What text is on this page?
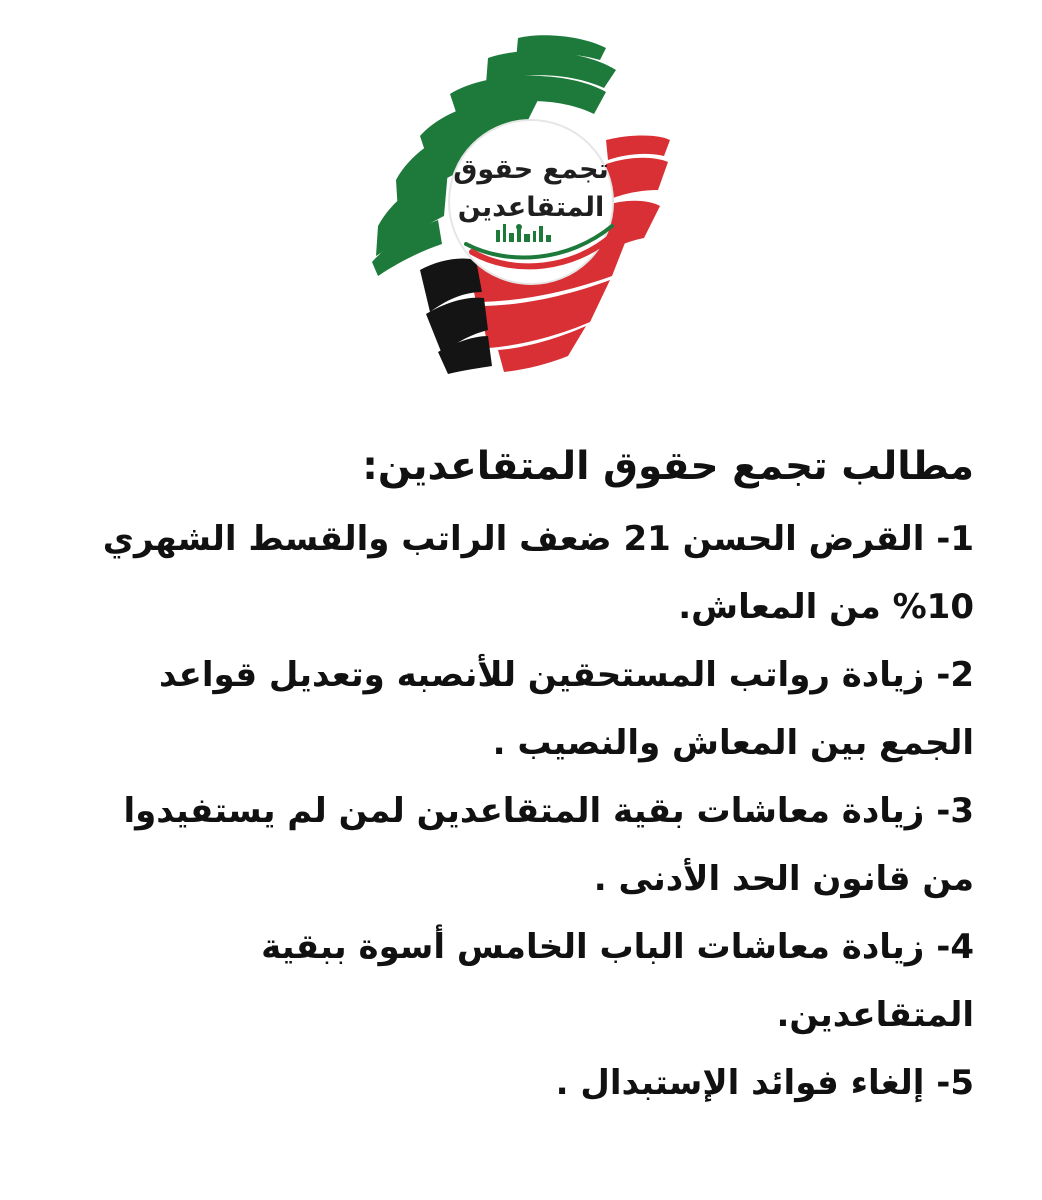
تجمع حقوق
المتقاعدين
مطالب تجمع حقوق المتقاعدين:
1- القرض الحسن 21 ضعف الراتب والقسط الشهري 10% من المعاش.
2- زيادة رواتب المستحقين للأنصبه وتعديل قواعد الجمع بين المعاش والنصيب .
3- زيادة معاشات بقية المتقاعدين لمن لم يستفيدوا من قانون الحد الأدنى .
4- زيادة معاشات الباب الخامس أسوة ببقية المتقاعدين.
5- إلغاء فوائد الإستبدال .
